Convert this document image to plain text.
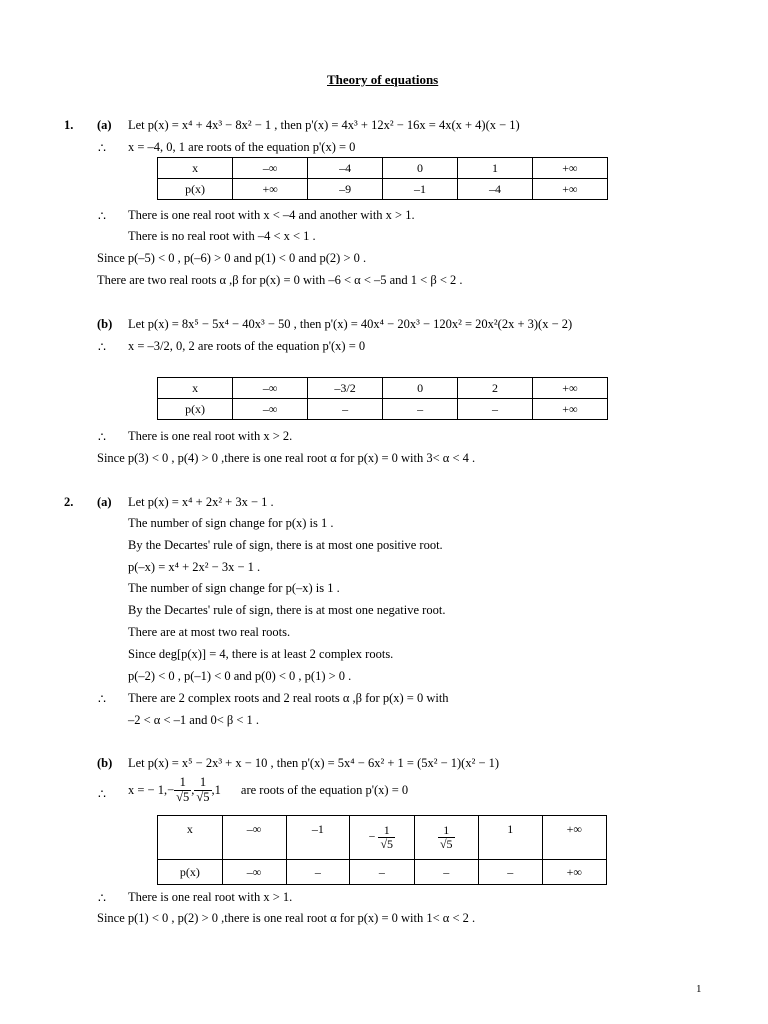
Theory of equations
1. (a) Let p(x) = x⁴ + 4x³ − 8x² − 1 , then p'(x) = 4x³ + 12x² − 16x = 4x(x + 4)(x − 1)
∴ x = –4, 0, 1 are roots of the equation p'(x) = 0
x	–∞	–4	0	1	+∞
p(x)	+∞	–9	–1	–4	+∞
∴ There is one real root with x < –4 and another with x > 1.
There is no real root with –4 < x < 1 .
Since p(–5) < 0 , p(–6) > 0 and p(1) < 0 and p(2) > 0 .
There are two real roots α ,β for p(x) = 0 with –6 < α < –5 and 1 < β < 2 .
(b) Let p(x) = 8x⁵ − 5x⁴ − 40x³ − 50 , then p'(x) = 40x⁴ − 20x³ − 120x² = 20x²(2x + 3)(x − 2)
∴ x = –3/2, 0, 2 are roots of the equation p'(x) = 0
x	–∞	–3/2	0	2	+∞
p(x)	–∞	–	–	–	+∞
∴ There is one real root with x > 2.
Since p(3) < 0 , p(4) > 0 ,there is one real root α for p(x) = 0 with 3< α < 4 .
2. (a) Let p(x) = x⁴ + 2x² + 3x − 1 .
The number of sign change for p(x) is 1 .
By the Decartes' rule of sign, there is at most one positive root.
p(–x) = x⁴ + 2x² − 3x − 1 .
The number of sign change for p(–x) is 1 .
By the Decartes' rule of sign, there is at most one negative root.
There are at most two real roots.
Since deg[p(x)] = 4, there is at least 2 complex roots.
p(–2) < 0 , p(–1) < 0 and p(0) < 0 , p(1) > 0 .
∴ There are 2 complex roots and 2 real roots α ,β for p(x) = 0 with
–2 < α < –1 and 0< β < 1 .
(b) Let p(x) = x⁵ − 2x³ + x − 10 , then p'(x) = 5x⁴ − 6x² + 1 = (5x² − 1)(x² − 1)
∴ x = − $1,- \frac{1}{√5}$ , $\frac{1}{√5} ,1$ are roots of the equation p'(x) = 0
x	–∞	–1	− $\frac{1}{√5}$	$\frac{1}{√5}$	1	+∞
p(x)	–∞	–	–	–	–	+∞
∴ There is one real root with x > 1.
Since p(1) < 0 , p(2) > 0 ,there is one real root α for p(x) = 0 with 1< α < 2 .
1
